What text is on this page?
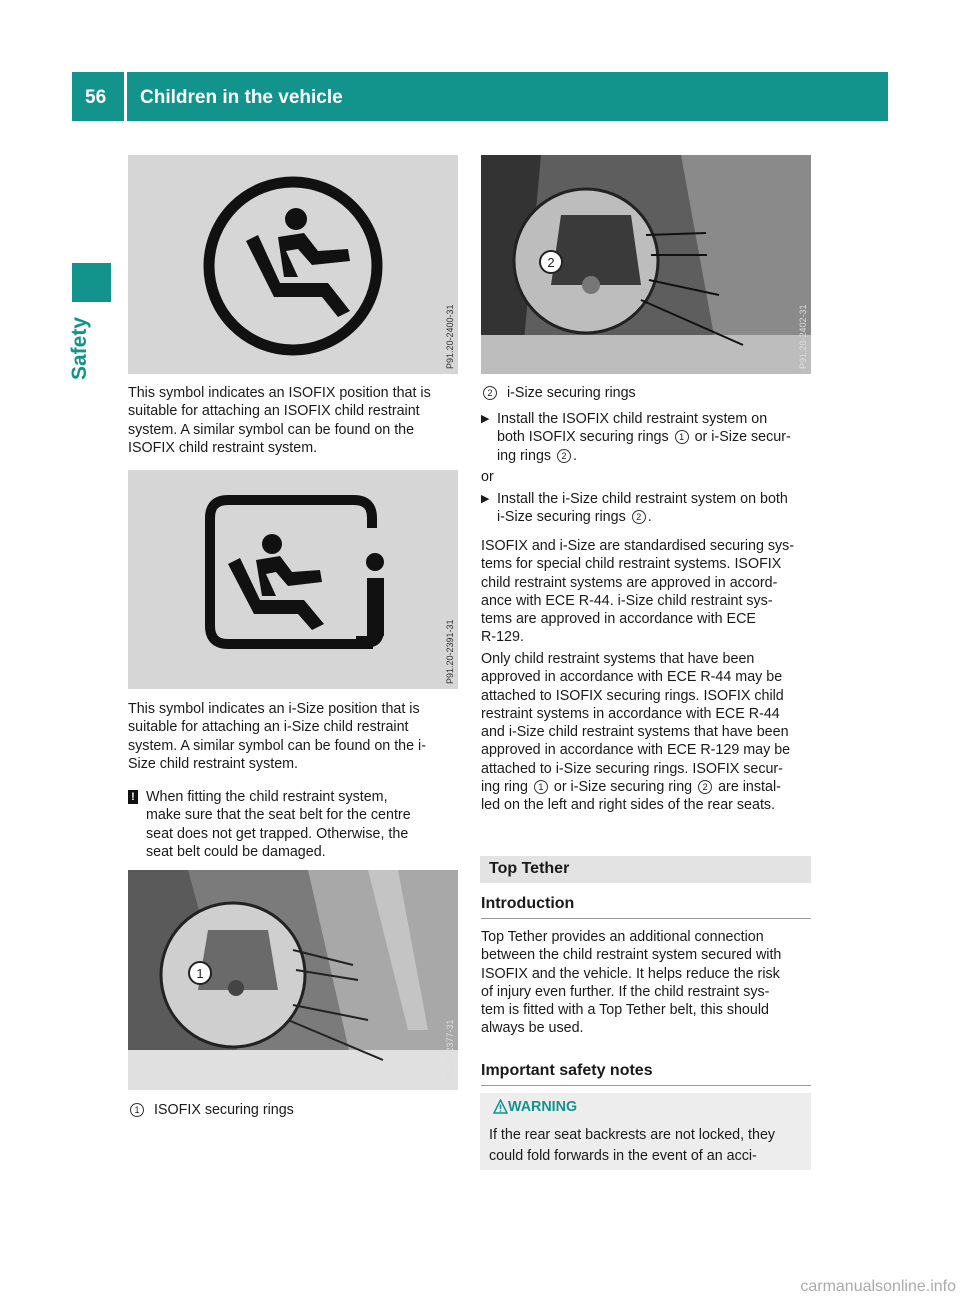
56 Children in the vehicle
Safety	P91.20-2400-31

This symbol indicates an ISOFIX position that is

suitable for attaching an ISOFIX child restraint

system. A similar symbol can be found on the

ISOFIX child restraint system.

P91.20-2391-31

This symbol indicates an i-Size position that is

suitable for attaching an i-Size child restraint

system. A similar symbol can be found on the i-

Size child restraint system.

! When fitting the child restraint system,

make sure that the seat belt for the centre

seat does not get trapped. Otherwise, the

seat belt could be damaged.

1
P91.20-2377-31
1 ISOFIX securing rings
2
P91.20-2402-31
2 i-Size securing rings
▶ Install the ISOFIX child restraint system on

both ISOFIX securing rings 1 or i-Size secur-

ing rings 2 .

or
▶ Install the i-Size child restraint system on both

i-Size securing rings 2 .

ISOFIX and i-Size are standardised securing sys-

tems for special child restraint systems. ISOFIX

child restraint systems are approved in accord-

ance with ECE R-44. i-Size child restraint sys-

tems are approved in accordance with ECE

R-129.

Only child restraint systems that have been

approved in accordance with ECE R-44 may be

attached to ISOFIX securing rings. ISOFIX child

restraint systems in accordance with ECE R-44

and i-Size child restraint systems that have been

approved in accordance with ECE R-129 may be

attached to i-Size securing rings. ISOFIX secur-

ing ring 1 or i-Size securing ring 2 are instal-

led on the left and right sides of the rear seats.

Top Tether
Introduction

Top Tether provides an additional connection

between the child restraint system secured with

ISOFIX and the vehicle. It helps reduce the risk

of injury even further. If the child restraint sys-

tem is fitted with a Top Tether belt, this should

always be used.

Important safety notes
WARNING

If the rear seat backrests are not locked, they

could fold forwards in the event of an acci-

carmanualsonline.info
